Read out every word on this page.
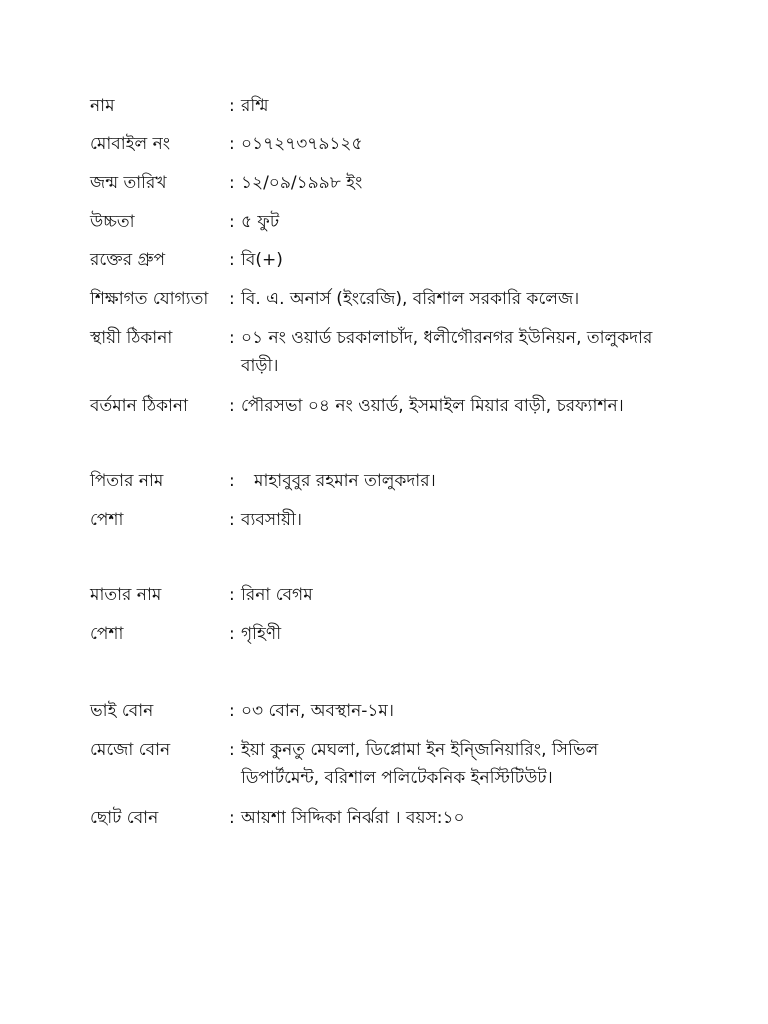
নাম	: রশ্মি
মোবাইল নং	: ০১৭২৭৩৭৯১২৫
জন্ম তারিখ	: ১২/০৯/১৯৯৮ ইং
উচ্চতা	: ৫ ফুট
রক্তের গ্রুপ	: বি(+)
শিক্ষাগত যোগ্যতা	: বি. এ. অনার্স (ইংরেজি), বরিশাল সরকারি কলেজ।
স্থায়ী ঠিকানা	: ০১ নং ওয়ার্ড চরকালাচাঁদ, ধলীগৌরনগর ইউনিয়ন, তালুকদার বাড়ী।
বর্তমান ঠিকানা	: পৌরসভা ০৪ নং ওয়ার্ড, ইসমাইল মিয়ার বাড়ী, চরফ্যাশন।
পিতার নাম	: মাহাবুবুর রহমান তালুকদার।
পেশা	: ব্যবসায়ী।
মাতার নাম	: রিনা বেগম
পেশা	: গৃহিণী
ভাই বোন	: ০৩ বোন, অবস্থান-১ম।
মেজো বোন	: ইয়া কুনতু মেঘলা, ডিপ্লোমা ইন ইন্জিনিয়ারিং, সিভিল ডিপার্টমেন্ট, বরিশাল পলিটেকনিক ইনস্টিটিউট।
ছোট বোন	: আয়শা সিদ্দিকা নির্ঝরা । বয়স:১০
